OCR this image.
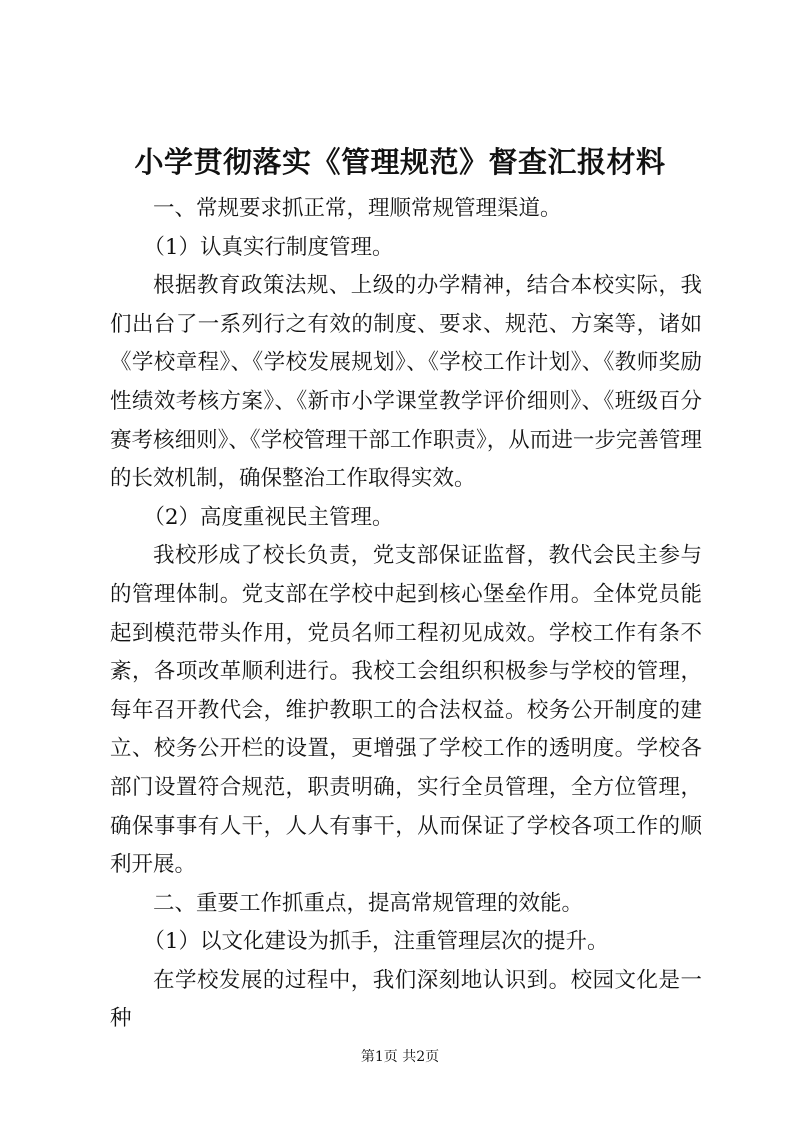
小学贯彻落实《管理规范》督查汇报材料

一、常规要求抓正常，理顺常规管理渠道。

（1）认真实行制度管理。

根据教育政策法规、上级的办学精神，结合本校实际，我们出台了一系列行之有效的制度、要求、规范、方案等，诸如《学校章程》、《学校发展规划》、《学校工作计划》、《教师奖励性绩效考核方案》、《新市小学课堂教学评价细则》、《班级百分赛考核细则》、《学校管理干部工作职责》，从而进一步完善管理的长效机制，确保整治工作取得实效。

（2）高度重视民主管理。

我校形成了校长负责，党支部保证监督，教代会民主参与的管理体制。党支部在学校中起到核心堡垒作用。全体党员能起到模范带头作用，党员名师工程初见成效。学校工作有条不紊，各项改革顺利进行。我校工会组织积极参与学校的管理，每年召开教代会，维护教职工的合法权益。校务公开制度的建立、校务公开栏的设置，更增强了学校工作的透明度。学校各部门设置符合规范，职责明确，实行全员管理，全方位管理，确保事事有人干，人人有事干，从而保证了学校各项工作的顺利开展。

二、重要工作抓重点，提高常规管理的效能。

（1）以文化建设为抓手，注重管理层次的提升。

在学校发展的过程中，我们深刻地认识到。校园文化是一种

第1页 共2页
